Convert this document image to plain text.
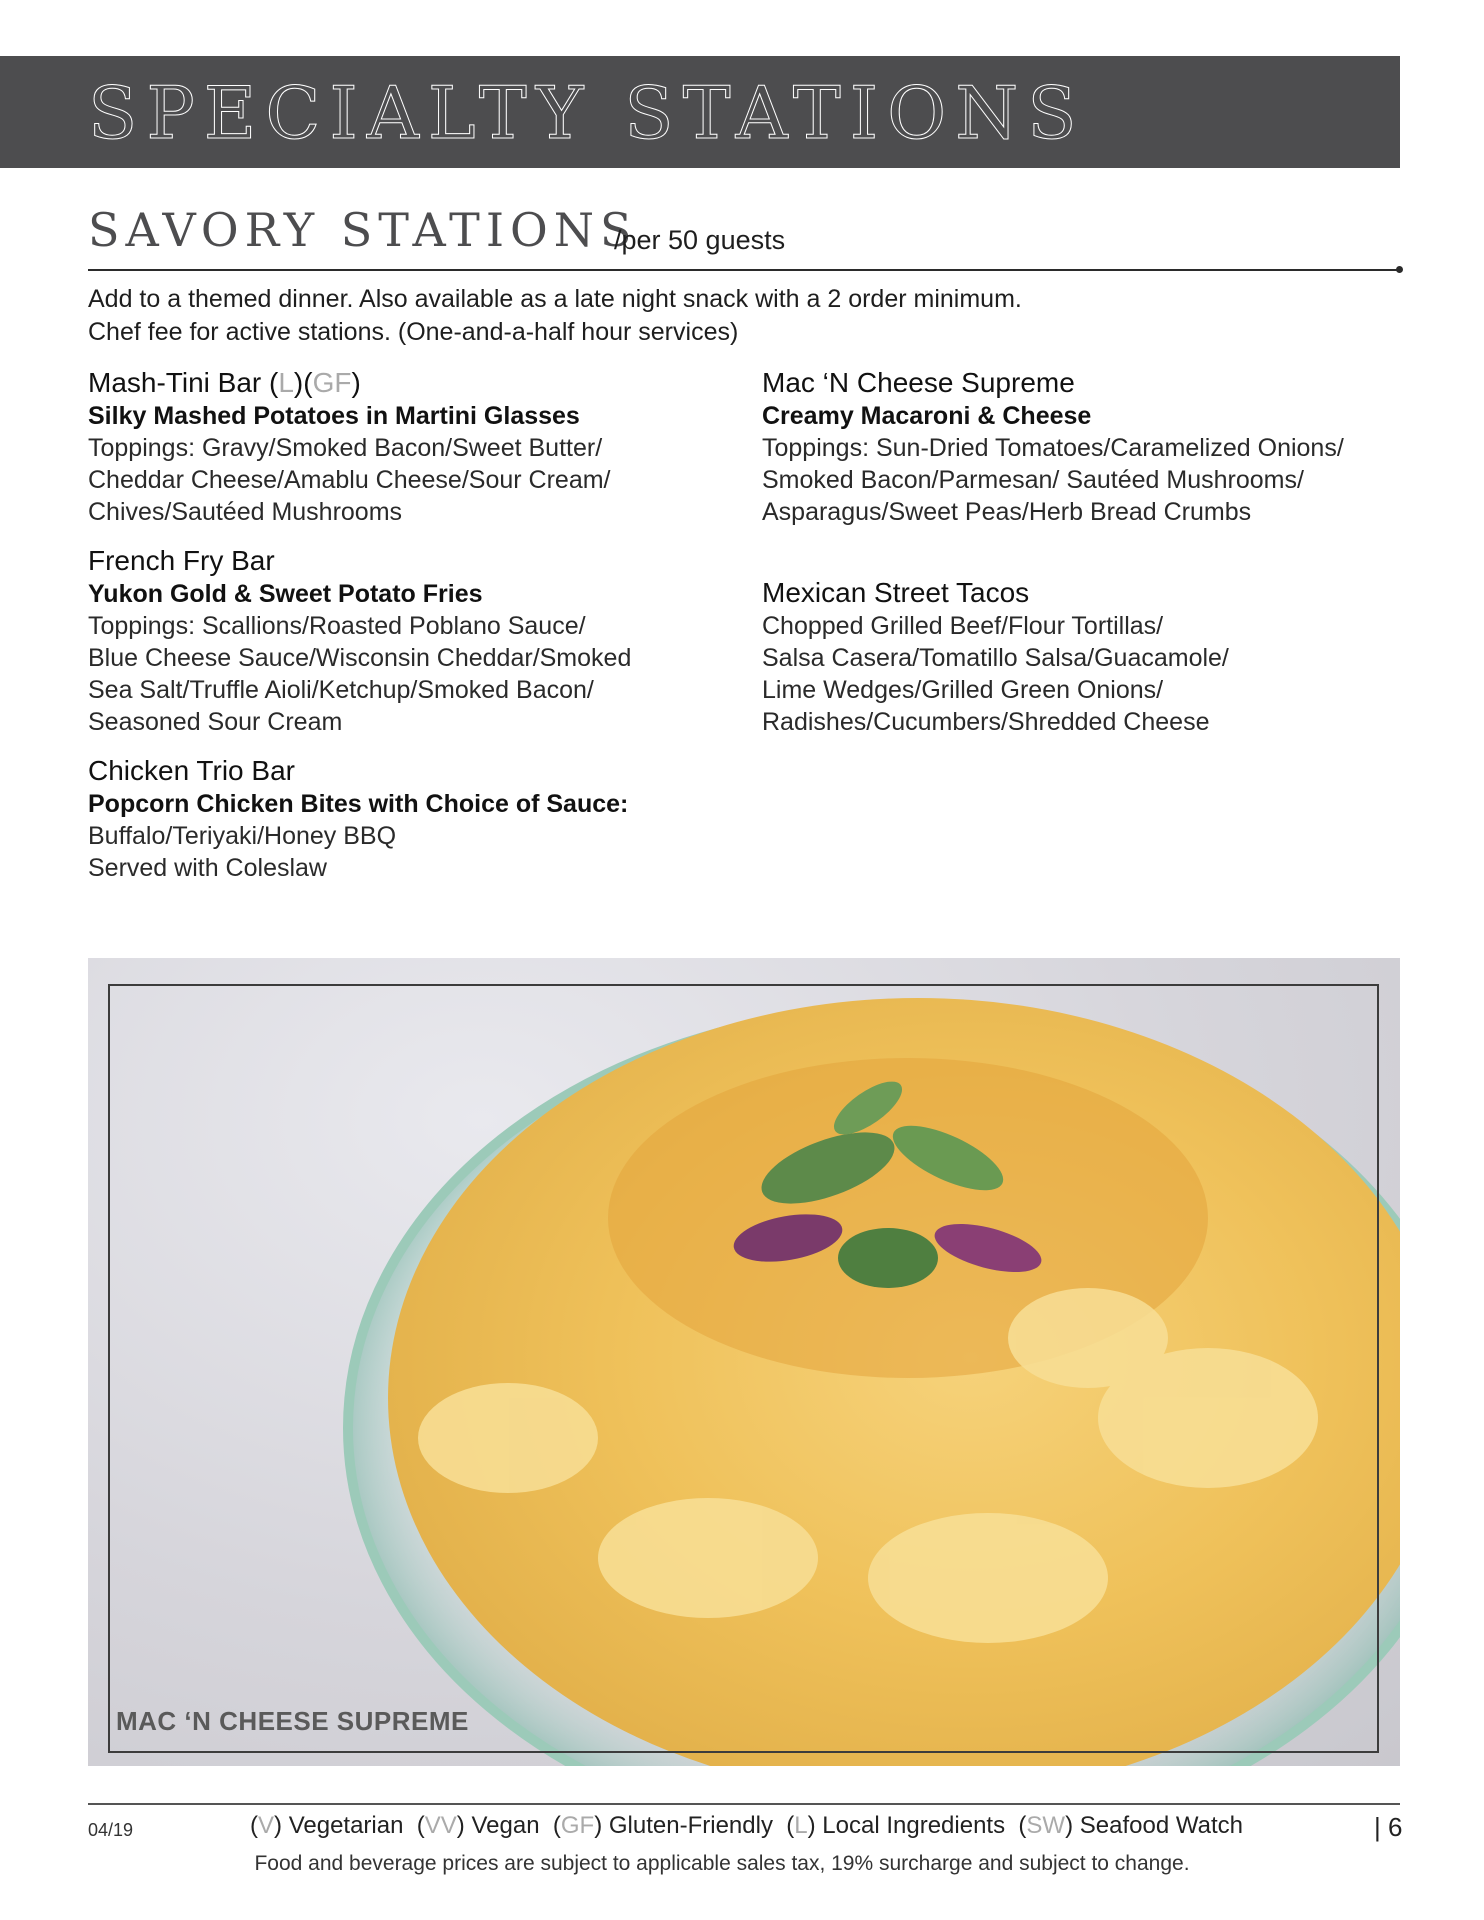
SPECIALTY STATIONS
SAVORY STATIONS
/per 50 guests
Add to a themed dinner. Also available as a late night snack with a 2 order minimum.
Chef fee for active stations. (One-and-a-half hour services)
Mash-Tini Bar (L)(GF)
Silky Mashed Potatoes in Martini Glasses
Toppings: Gravy/Smoked Bacon/Sweet Butter/
Cheddar Cheese/Amablu Cheese/Sour Cream/
Chives/Sautéed Mushrooms
French Fry Bar
Yukon Gold & Sweet Potato Fries
Toppings: Scallions/Roasted Poblano Sauce/
Blue Cheese Sauce/Wisconsin Cheddar/Smoked
Sea Salt/Truffle Aioli/Ketchup/Smoked Bacon/
Seasoned Sour Cream
Chicken Trio Bar
Popcorn Chicken Bites with Choice of Sauce:
Buffalo/Teriyaki/Honey BBQ
Served with Coleslaw
Mac ‘N Cheese Supreme
Creamy Macaroni & Cheese
Toppings: Sun-Dried Tomatoes/Caramelized Onions/
Smoked Bacon/Parmesan/ Sautéed Mushrooms/
Asparagus/Sweet Peas/Herb Bread Crumbs
Mexican Street Tacos
Chopped Grilled Beef/Flour Tortillas/
Salsa Casera/Tomatillo Salsa/Guacamole/
Lime Wedges/Grilled Green Onions/
Radishes/Cucumbers/Shredded Cheese
MAC ‘N CHEESE SUPREME
04/19	(V) Vegetarian  (VV) Vegan  (GF) Gluten-Friendly  (L) Local Ingredients  (SW) Seafood Watch	| 6
Food and beverage prices are subject to applicable sales tax, 19% surcharge and subject to change.
